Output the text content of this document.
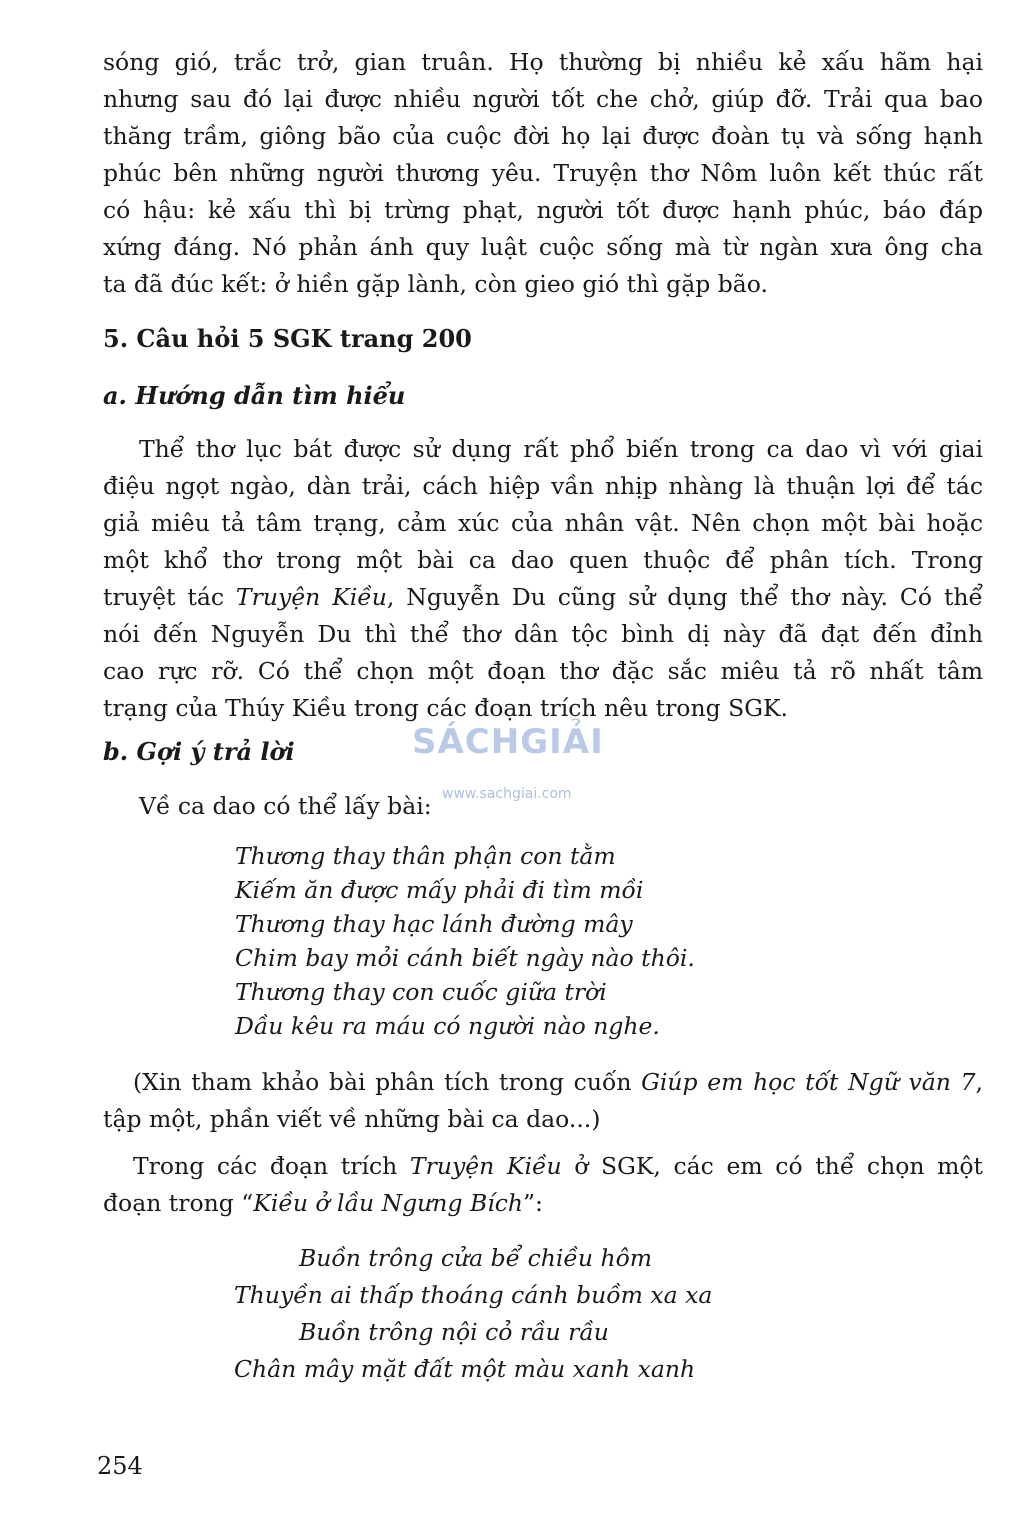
sóng gió, trắc trở, gian truân. Họ thường bị nhiều kẻ xấu hãm hại
nhưng sau đó lại được nhiều người tốt che chở, giúp đỡ. Trải qua bao
thăng trầm, giông bão của cuộc đời họ lại được đoàn tụ và sống hạnh
phúc bên những người thương yêu. Truyện thơ Nôm luôn kết thúc rất
có hậu: kẻ xấu thì bị trừng phạt, người tốt được hạnh phúc, báo đáp
xứng đáng. Nó phản ánh quy luật cuộc sống mà từ ngàn xưa ông cha
ta đã đúc kết: ở hiền gặp lành, còn gieo gió thì gặp bão.
5. Câu hỏi 5 SGK trang 200
a. Hướng dẫn tìm hiểu
Thể thơ lục bát được sử dụng rất phổ biến trong ca dao vì với giai
điệu ngọt ngào, dàn trải, cách hiệp vần nhịp nhàng là thuận lợi để tác
giả miêu tả tâm trạng, cảm xúc của nhân vật. Nên chọn một bài hoặc
một khổ thơ trong một bài ca dao quen thuộc để phân tích. Trong
truyệt tác Truyện Kiều, Nguyễn Du cũng sử dụng thể thơ này. Có thể
nói đến Nguyễn Du thì thể thơ dân tộc bình dị này đã đạt đến đỉnh
cao rực rỡ. Có thể chọn một đoạn thơ đặc sắc miêu tả rõ nhất tâm
trạng của Thúy Kiều trong các đoạn trích nêu trong SGK.
SÁCHGIẢI
www.sachgiai.com
b. Gợi ý trả lời
Về ca dao có thể lấy bài:
Thương thay thân phận con tằm
Kiếm ăn được mấy phải đi tìm mồi
Thương thay hạc lánh đường mây
Chim bay mỏi cánh biết ngày nào thôi.
Thương thay con cuốc giữa trời
Dầu kêu ra máu có người nào nghe.
(Xin tham khảo bài phân tích trong cuốn Giúp em học tốt Ngữ văn 7,
tập một, phần viết về những bài ca dao...)
Trong các đoạn trích Truyện Kiều ở SGK, các em có thể chọn một
đoạn trong “Kiều ở lầu Ngưng Bích”:
Buồn trông cửa bể chiều hôm
Thuyền ai thấp thoáng cánh buồm xa xa
Buồn trông nội cỏ rầu rầu
Chân mây mặt đất một màu xanh xanh
254
